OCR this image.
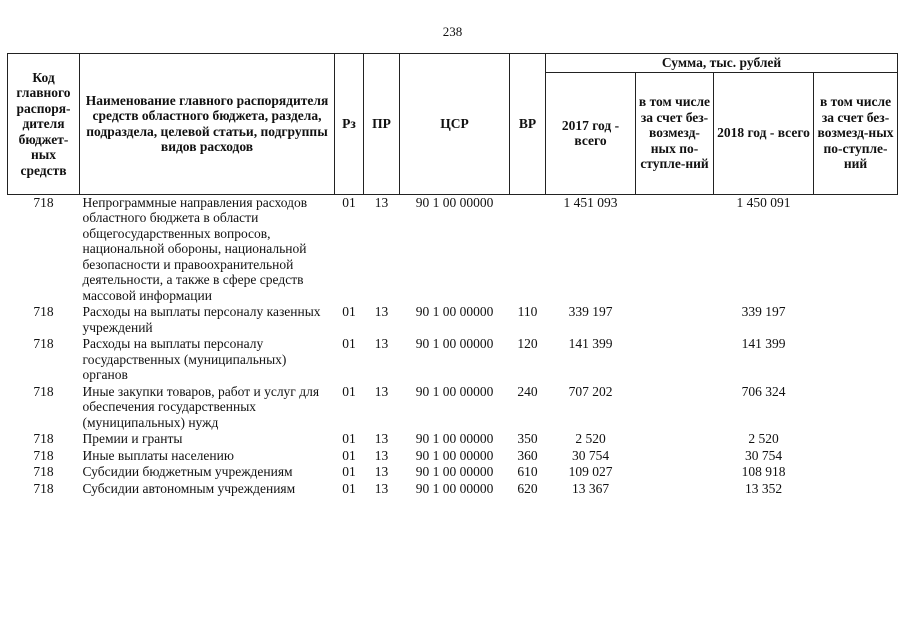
238
Код главного распоря-дителя бюджет-ных средств	Наименование главного распорядителя средств областного бюджета, раздела, подраздела, целевой статьи, подгруппы видов расходов	Рз	ПР	ЦСР	ВР	Сумма, тыс. рублей			
						2017 год - всего	в том числе за счет без-возмезд-ных по-ступле-ний	2018 год - всего	в том числе за счет без-возмезд-ных по-ступле-ний
718	Непрограммные направления расходов областного бюджета в области общегосударственных вопросов, национальной обороны, национальной безопасности и правоохранительной деятельности, а также в сфере средств массовой информации	01	13	90 1 00 00000		1 451 093		1 450 091	
718	Расходы на выплаты персоналу казенных учреждений	01	13	90 1 00 00000	110	339 197		339 197	
718	Расходы на выплаты персоналу государственных (муниципальных) органов	01	13	90 1 00 00000	120	141 399		141 399	
718	Иные закупки товаров, работ и услуг для обеспечения государственных (муниципальных) нужд	01	13	90 1 00 00000	240	707 202		706 324	
718	Премии и гранты	01	13	90 1 00 00000	350	2 520		2 520	
718	Иные выплаты населению	01	13	90 1 00 00000	360	30 754		30 754	
718	Субсидии бюджетным учреждениям	01	13	90 1 00 00000	610	109 027		108 918	
718	Субсидии автономным учреждениям	01	13	90 1 00 00000	620	13 367		13 352	
